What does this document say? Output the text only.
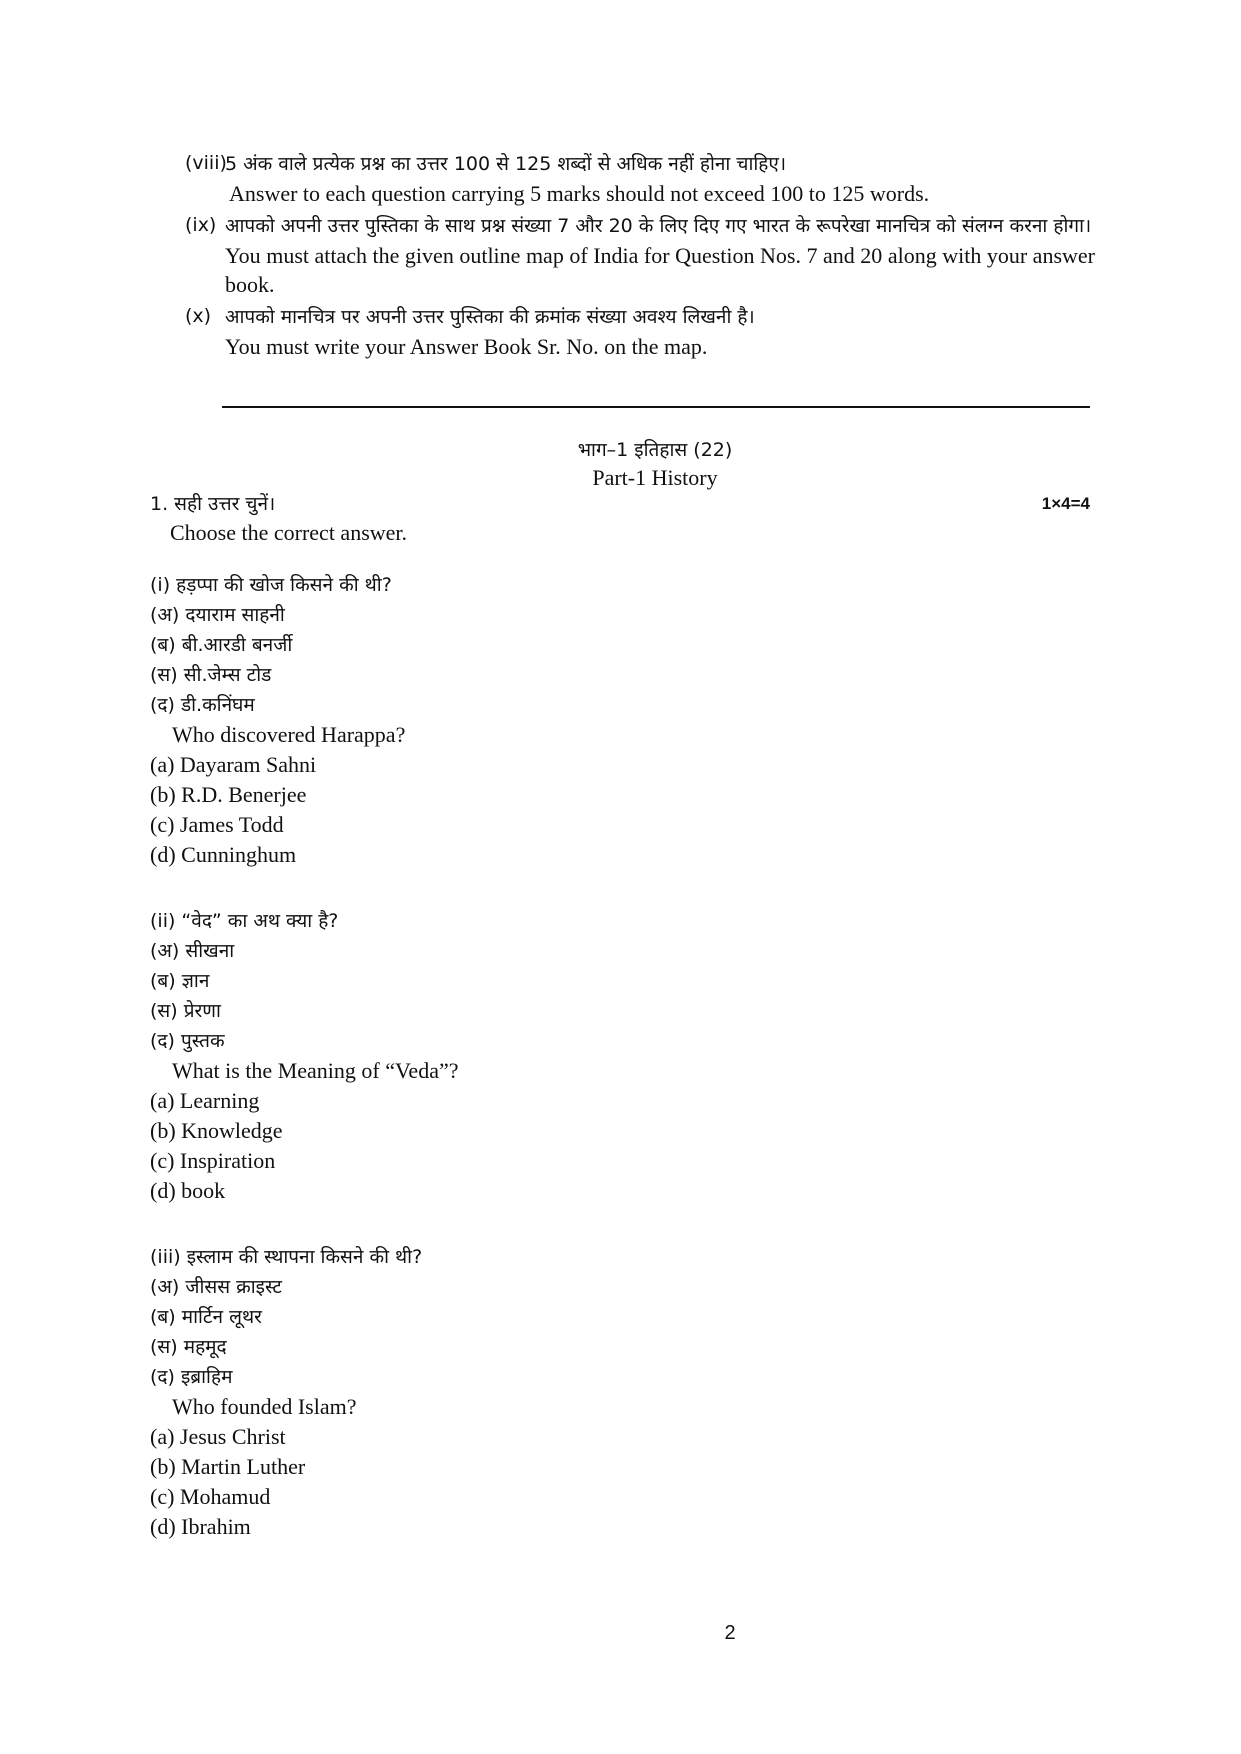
(viii)
5 अंक वाले प्रत्येक प्रश्न का उत्तर 100 से 125 शब्दों से अधिक नहीं होना चाहिए।
Answer to each question carrying 5 marks should not exceed 100 to 125 words.
(ix) आपको अपनी उत्तर पुस्तिका के साथ प्रश्न संख्या 7 और 20 के लिए दिए गए भारत के रूपरेखा मानचित्र को संलग्न करना होगा।
You must attach the given outline map of India for Question Nos. 7 and 20 along with your answer book.
(x) आपको मानचित्र पर अपनी उत्तर पुस्तिका की क्रमांक संख्या अवश्य लिखनी है।
You must write your Answer Book Sr. No. on the map.
भाग–1 इतिहास (22)
Part-1 History
1. सही उत्तर चुनें।	1×4=4
Choose the correct answer.
(i) हड़प्पा की खोज किसने की थी?
(अ) दयाराम साहनी
(ब) बी.आरडी बनर्जी
(स) सी.जेम्स टोड
(द) डी.कनिंघम
Who discovered Harappa?
(a) Dayaram Sahni
(b) R.D. Benerjee
(c) James Todd
(d) Cunninghum
(ii) “वेद” का अथ क्या है?
(अ) सीखना
(ब) ज्ञान
(स) प्रेरणा
(द) पुस्तक
What is the Meaning of “Veda”?
(a) Learning
(b) Knowledge
(c) Inspiration
(d) book
(iii) इस्लाम की स्थापना किसने की थी?
(अ) जीसस क्राइस्ट
(ब) मार्टिन लूथर
(स) महमूद
(द) इब्राहिम
Who founded Islam?
(a) Jesus Christ
(b) Martin Luther
(c) Mohamud
(d) Ibrahim
2
